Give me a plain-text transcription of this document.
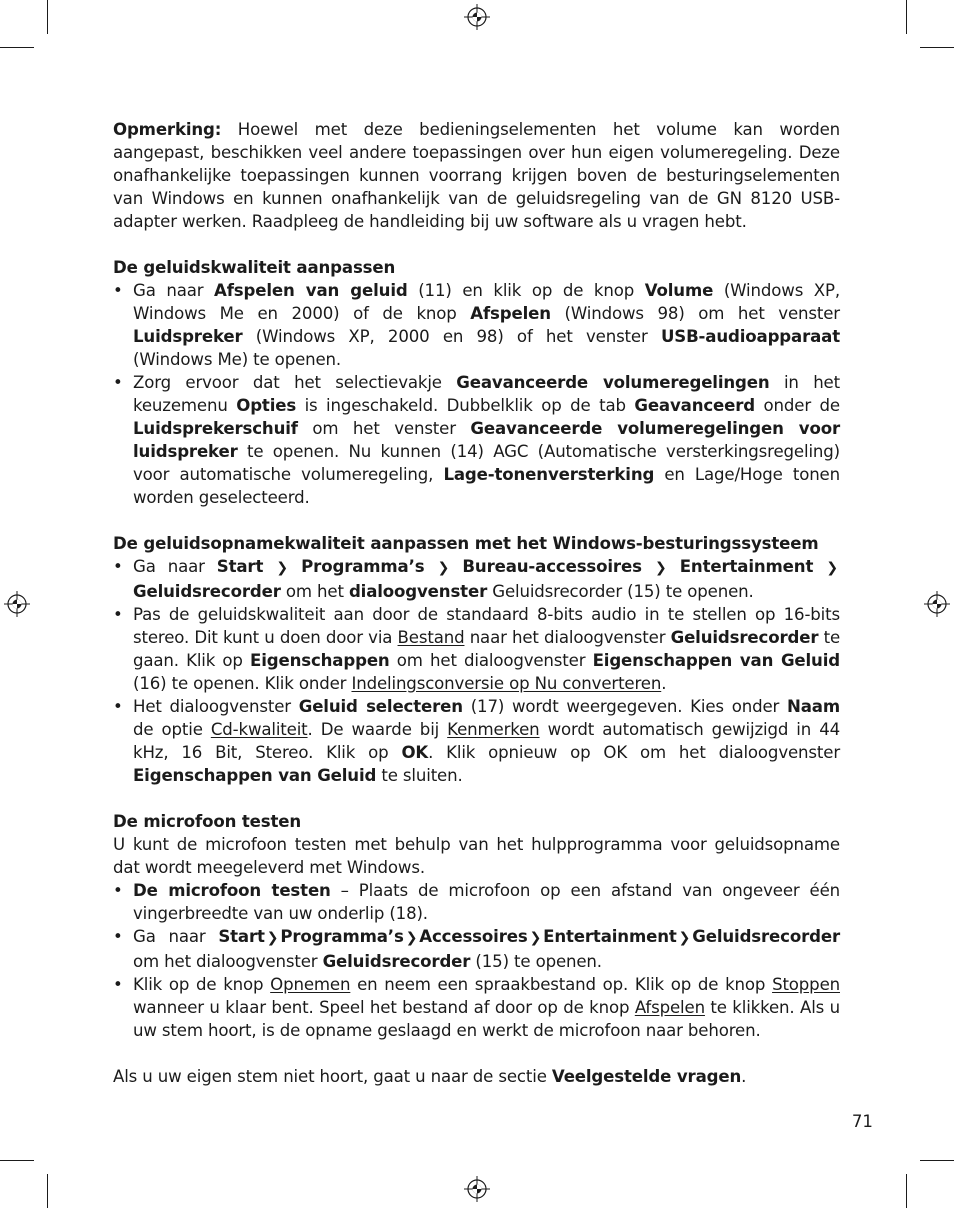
Opmerking: Hoewel met deze bedieningselementen het volume kan worden aangepast, beschikken veel andere toepassingen over hun eigen volumeregeling. Deze onafhankelijke toepassingen kunnen voorrang krijgen boven de besturingselementen van Windows en kunnen onafhankelijk van de geluidsregeling van de GN 8120 USB-adapter werken. Raadpleeg de handleiding bij uw software als u vragen hebt.

De geluidskwaliteit aanpassen
• Ga naar Afspelen van geluid (11) en klik op de knop Volume (Windows XP, Windows Me en 2000) of de knop Afspelen (Windows 98) om het venster Luidspreker (Windows XP, 2000 en 98) of het venster USB-audioapparaat (Windows Me) te openen.
• Zorg ervoor dat het selectievakje Geavanceerde volumeregelingen in het keuzemenu Opties is ingeschakeld. Dubbelklik op de tab Geavanceerd onder de Luidsprekerschuif om het venster Geavanceerde volumeregelingen voor luidspreker te openen. Nu kunnen (14) AGC (Automatische versterkingsregeling) voor automatische volumeregeling, Lage-tonenversterking en Lage/Hoge tonen worden geselecteerd.
De geluidsopnamekwaliteit aanpassen met het Windows-besturingssysteem
• Ga naar Start ❯ Programma’s ❯ Bureau-accessoires ❯ Entertainment ❯ Geluidsrecorder om het dialoogvenster Geluidsrecorder (15) te openen.
• Pas de geluidskwaliteit aan door de standaard 8-bits audio in te stellen op 16-bits stereo. Dit kunt u doen door via Bestand naar het dialoogvenster Geluidsrecorder te gaan. Klik op Eigenschappen om het dialoogvenster Eigenschappen van Geluid (16) te openen. Klik onder Indelingsconversie op Nu converteren.
• Het dialoogvenster Geluid selecteren (17) wordt weergegeven. Kies onder Naam de optie Cd-kwaliteit. De waarde bij Kenmerken wordt automatisch gewijzigd in 44 kHz, 16 Bit, Stereo. Klik op OK. Klik opnieuw op OK om het dialoogvenster Eigenschappen van Geluid te sluiten.
De microfoon testen

U kunt de microfoon testen met behulp van het hulpprogramma voor geluidsopname dat wordt meegeleverd met Windows.

• De microfoon testen – Plaats de microfoon op een afstand van ongeveer één vingerbreedte van uw onderlip (18).
• Ga naar Start ❯ Programma’s ❯ Accessoires ❯ Entertainment ❯ Geluidsrecorder om het dialoogvenster Geluidsrecorder (15) te openen.
• Klik op de knop Opnemen en neem een spraakbestand op. Klik op de knop Stoppen wanneer u klaar bent. Speel het bestand af door op de knop Afspelen te klikken. Als u uw stem hoort, is de opname geslaagd en werkt de microfoon naar behoren.

Als u uw eigen stem niet hoort, gaat u naar de sectie Veelgestelde vragen.

71
